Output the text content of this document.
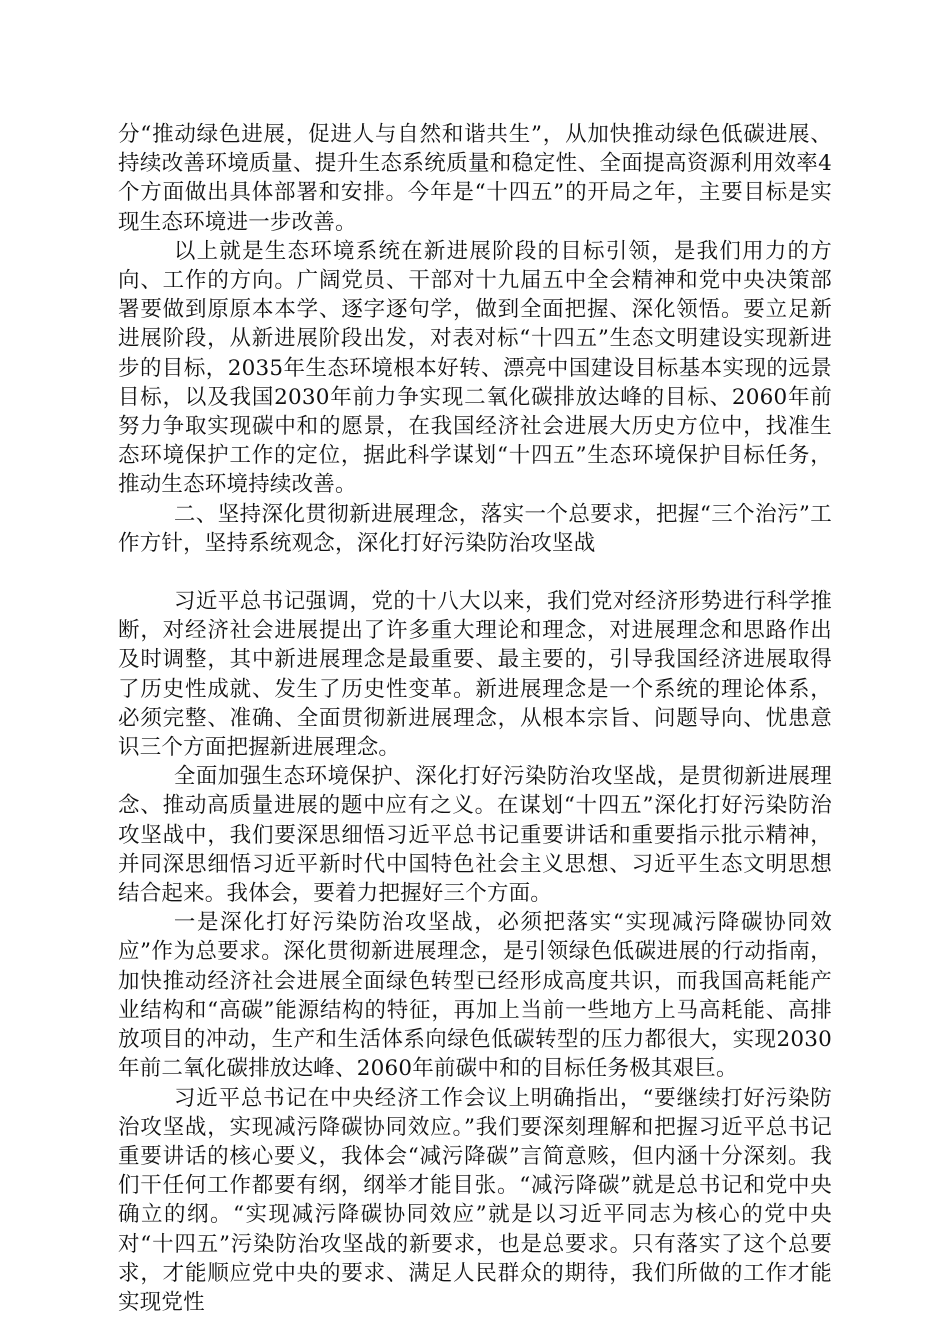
分“推动绿色进展，促进人与自然和谐共生”，从加快推动绿色低碳进展、持续改善环境质量、提升生态系统质量和稳定性、全面提高资源利用效率4个方面做出具体部署和安排。今年是“十四五”的开局之年，主要目标是实现生态环境进一步改善。

以上就是生态环境系统在新进展阶段的目标引领，是我们用力的方向、工作的方向。广阔党员、干部对十九届五中全会精神和党中央决策部署要做到原原本本学、逐字逐句学，做到全面把握、深化领悟。要立足新进展阶段，从新进展阶段出发，对表对标“十四五”生态文明建设实现新进步的目标，2035年生态环境根本好转、漂亮中国建设目标基本实现的远景目标，以及我国2030年前力争实现二氧化碳排放达峰的目标、2060年前努力争取实现碳中和的愿景，在我国经济社会进展大历史方位中，找准生态环境保护工作的定位，据此科学谋划“十四五”生态环境保护目标任务，推动生态环境持续改善。

二、坚持深化贯彻新进展理念，落实一个总要求，把握“三个治污”工作方针，坚持系统观念，深化打好污染防治攻坚战

习近平总书记强调，党的十八大以来，我们党对经济形势进行科学推断，对经济社会进展提出了许多重大理论和理念，对进展理念和思路作出及时调整，其中新进展理念是最重要、最主要的，引导我国经济进展取得了历史性成就、发生了历史性变革。新进展理念是一个系统的理论体系，必须完整、准确、全面贯彻新进展理念，从根本宗旨、问题导向、忧患意识三个方面把握新进展理念。

全面加强生态环境保护、深化打好污染防治攻坚战，是贯彻新进展理念、推动高质量进展的题中应有之义。在谋划“十四五”深化打好污染防治攻坚战中，我们要深思细悟习近平总书记重要讲话和重要指示批示精神，并同深思细悟习近平新时代中国特色社会主义思想、习近平生态文明思想结合起来。我体会，要着力把握好三个方面。

一是深化打好污染防治攻坚战，必须把落实“实现减污降碳协同效应”作为总要求。深化贯彻新进展理念，是引领绿色低碳进展的行动指南，加快推动经济社会进展全面绿色转型已经形成高度共识，而我国高耗能产业结构和“高碳”能源结构的特征，再加上当前一些地方上马高耗能、高排放项目的冲动，生产和生活体系向绿色低碳转型的压力都很大，实现2030年前二氧化碳排放达峰、2060年前碳中和的目标任务极其艰巨。

习近平总书记在中央经济工作会议上明确指出，“要继续打好污染防治攻坚战，实现减污降碳协同效应。”我们要深刻理解和把握习近平总书记重要讲话的核心要义，我体会“减污降碳”言简意赅，但内涵十分深刻。我们干任何工作都要有纲，纲举才能目张。“减污降碳”就是总书记和党中央确立的纲。“实现减污降碳协同效应”就是以习近平同志为核心的党中央对“十四五”污染防治攻坚战的新要求，也是总要求。只有落实了这个总要求，才能顺应党中央的要求、满足人民群众的期待，我们所做的工作才能实现党性
